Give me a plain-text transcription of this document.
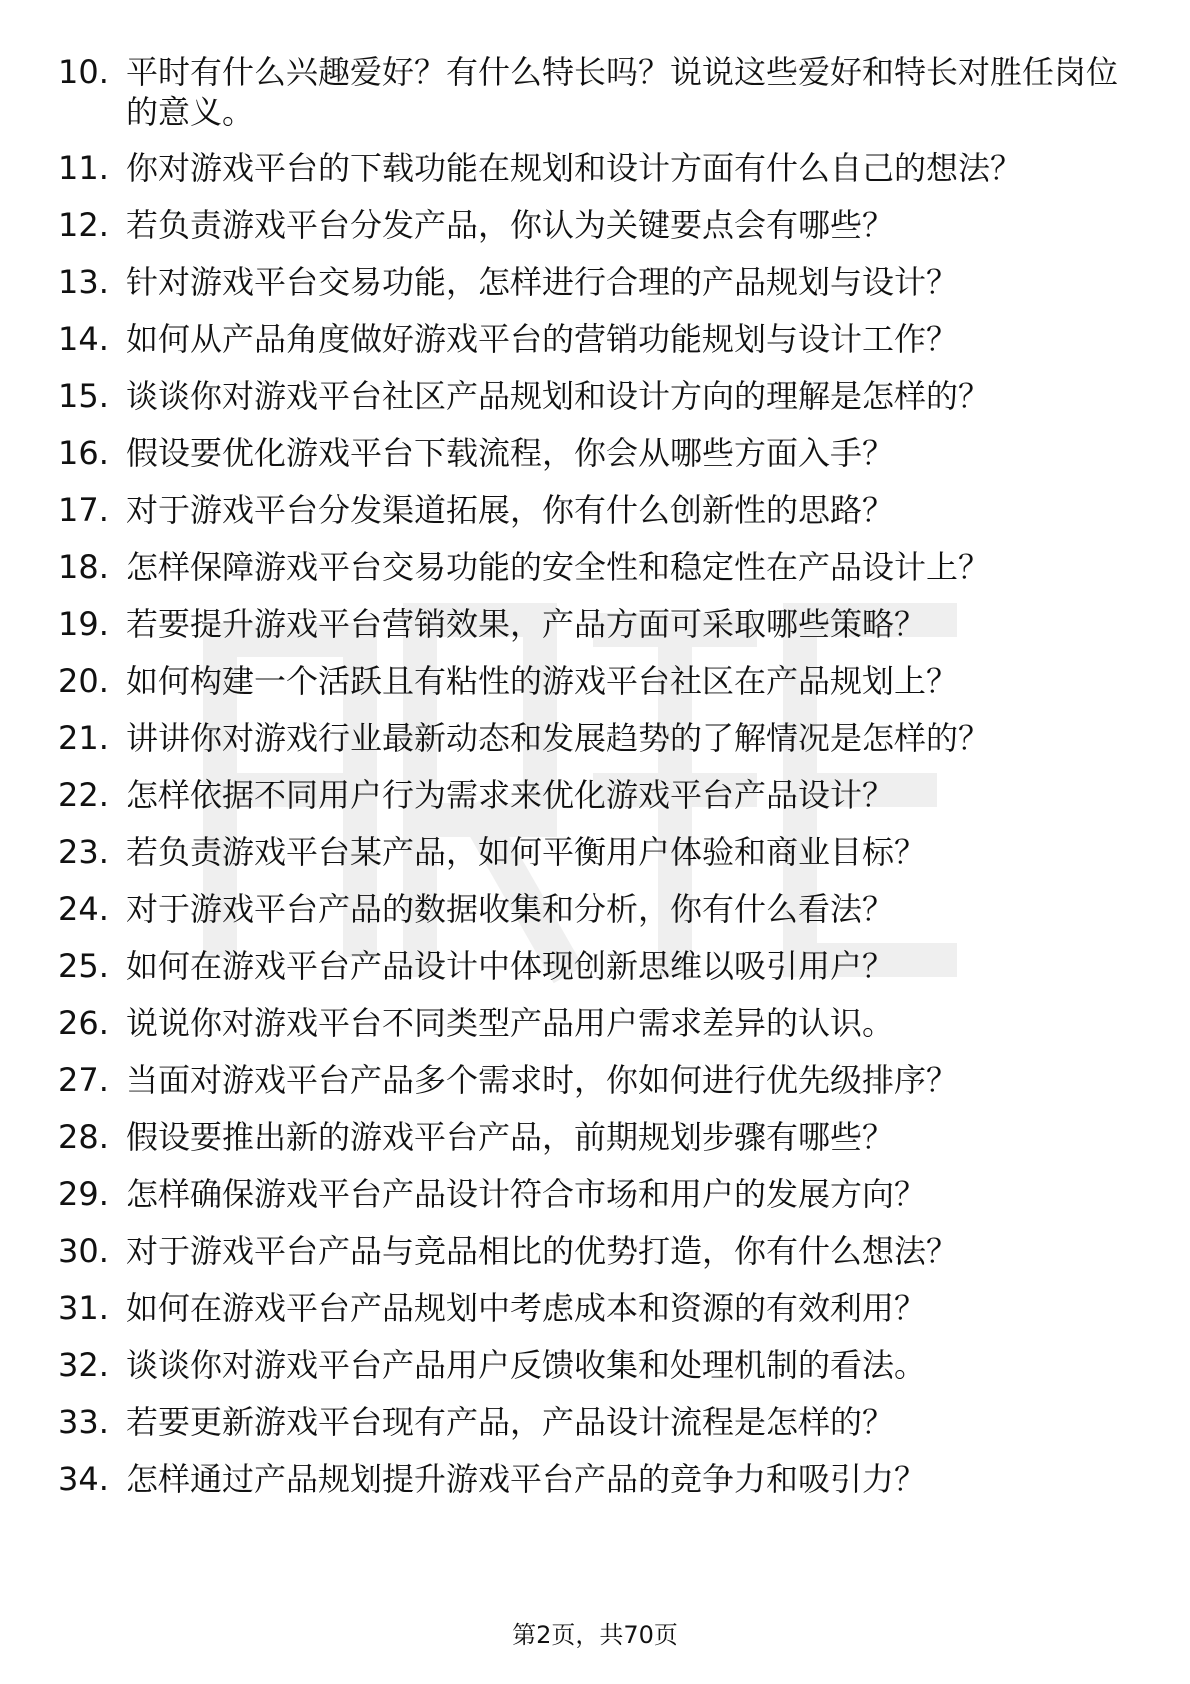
10. 平时有什么兴趣爱好？有什么特长吗？说说这些爱好和特长对胜任岗位的意义。
11. 你对游戏平台的下载功能在规划和设计方面有什么自己的想法？
12. 若负责游戏平台分发产品，你认为关键要点会有哪些？
13. 针对游戏平台交易功能，怎样进行合理的产品规划与设计？
14. 如何从产品角度做好游戏平台的营销功能规划与设计工作？
15. 谈谈你对游戏平台社区产品规划和设计方向的理解是怎样的？
16. 假设要优化游戏平台下载流程，你会从哪些方面入手？
17. 对于游戏平台分发渠道拓展，你有什么创新性的思路？
18. 怎样保障游戏平台交易功能的安全性和稳定性在产品设计上？
19. 若要提升游戏平台营销效果，产品方面可采取哪些策略？
20. 如何构建一个活跃且有粘性的游戏平台社区在产品规划上？
21. 讲讲你对游戏行业最新动态和发展趋势的了解情况是怎样的？
22. 怎样依据不同用户行为需求来优化游戏平台产品设计？
23. 若负责游戏平台某产品，如何平衡用户体验和商业目标？
24. 对于游戏平台产品的数据收集和分析，你有什么看法？
25. 如何在游戏平台产品设计中体现创新思维以吸引用户？
26. 说说你对游戏平台不同类型产品用户需求差异的认识。
27. 当面对游戏平台产品多个需求时，你如何进行优先级排序？
28. 假设要推出新的游戏平台产品，前期规划步骤有哪些？
29. 怎样确保游戏平台产品设计符合市场和用户的发展方向？
30. 对于游戏平台产品与竞品相比的优势打造，你有什么想法？
31. 如何在游戏平台产品规划中考虑成本和资源的有效利用？
32. 谈谈你对游戏平台产品用户反馈收集和处理机制的看法。
33. 若要更新游戏平台现有产品，产品设计流程是怎样的？
34. 怎样通过产品规划提升游戏平台产品的竞争力和吸引力？
第2页，共70页
